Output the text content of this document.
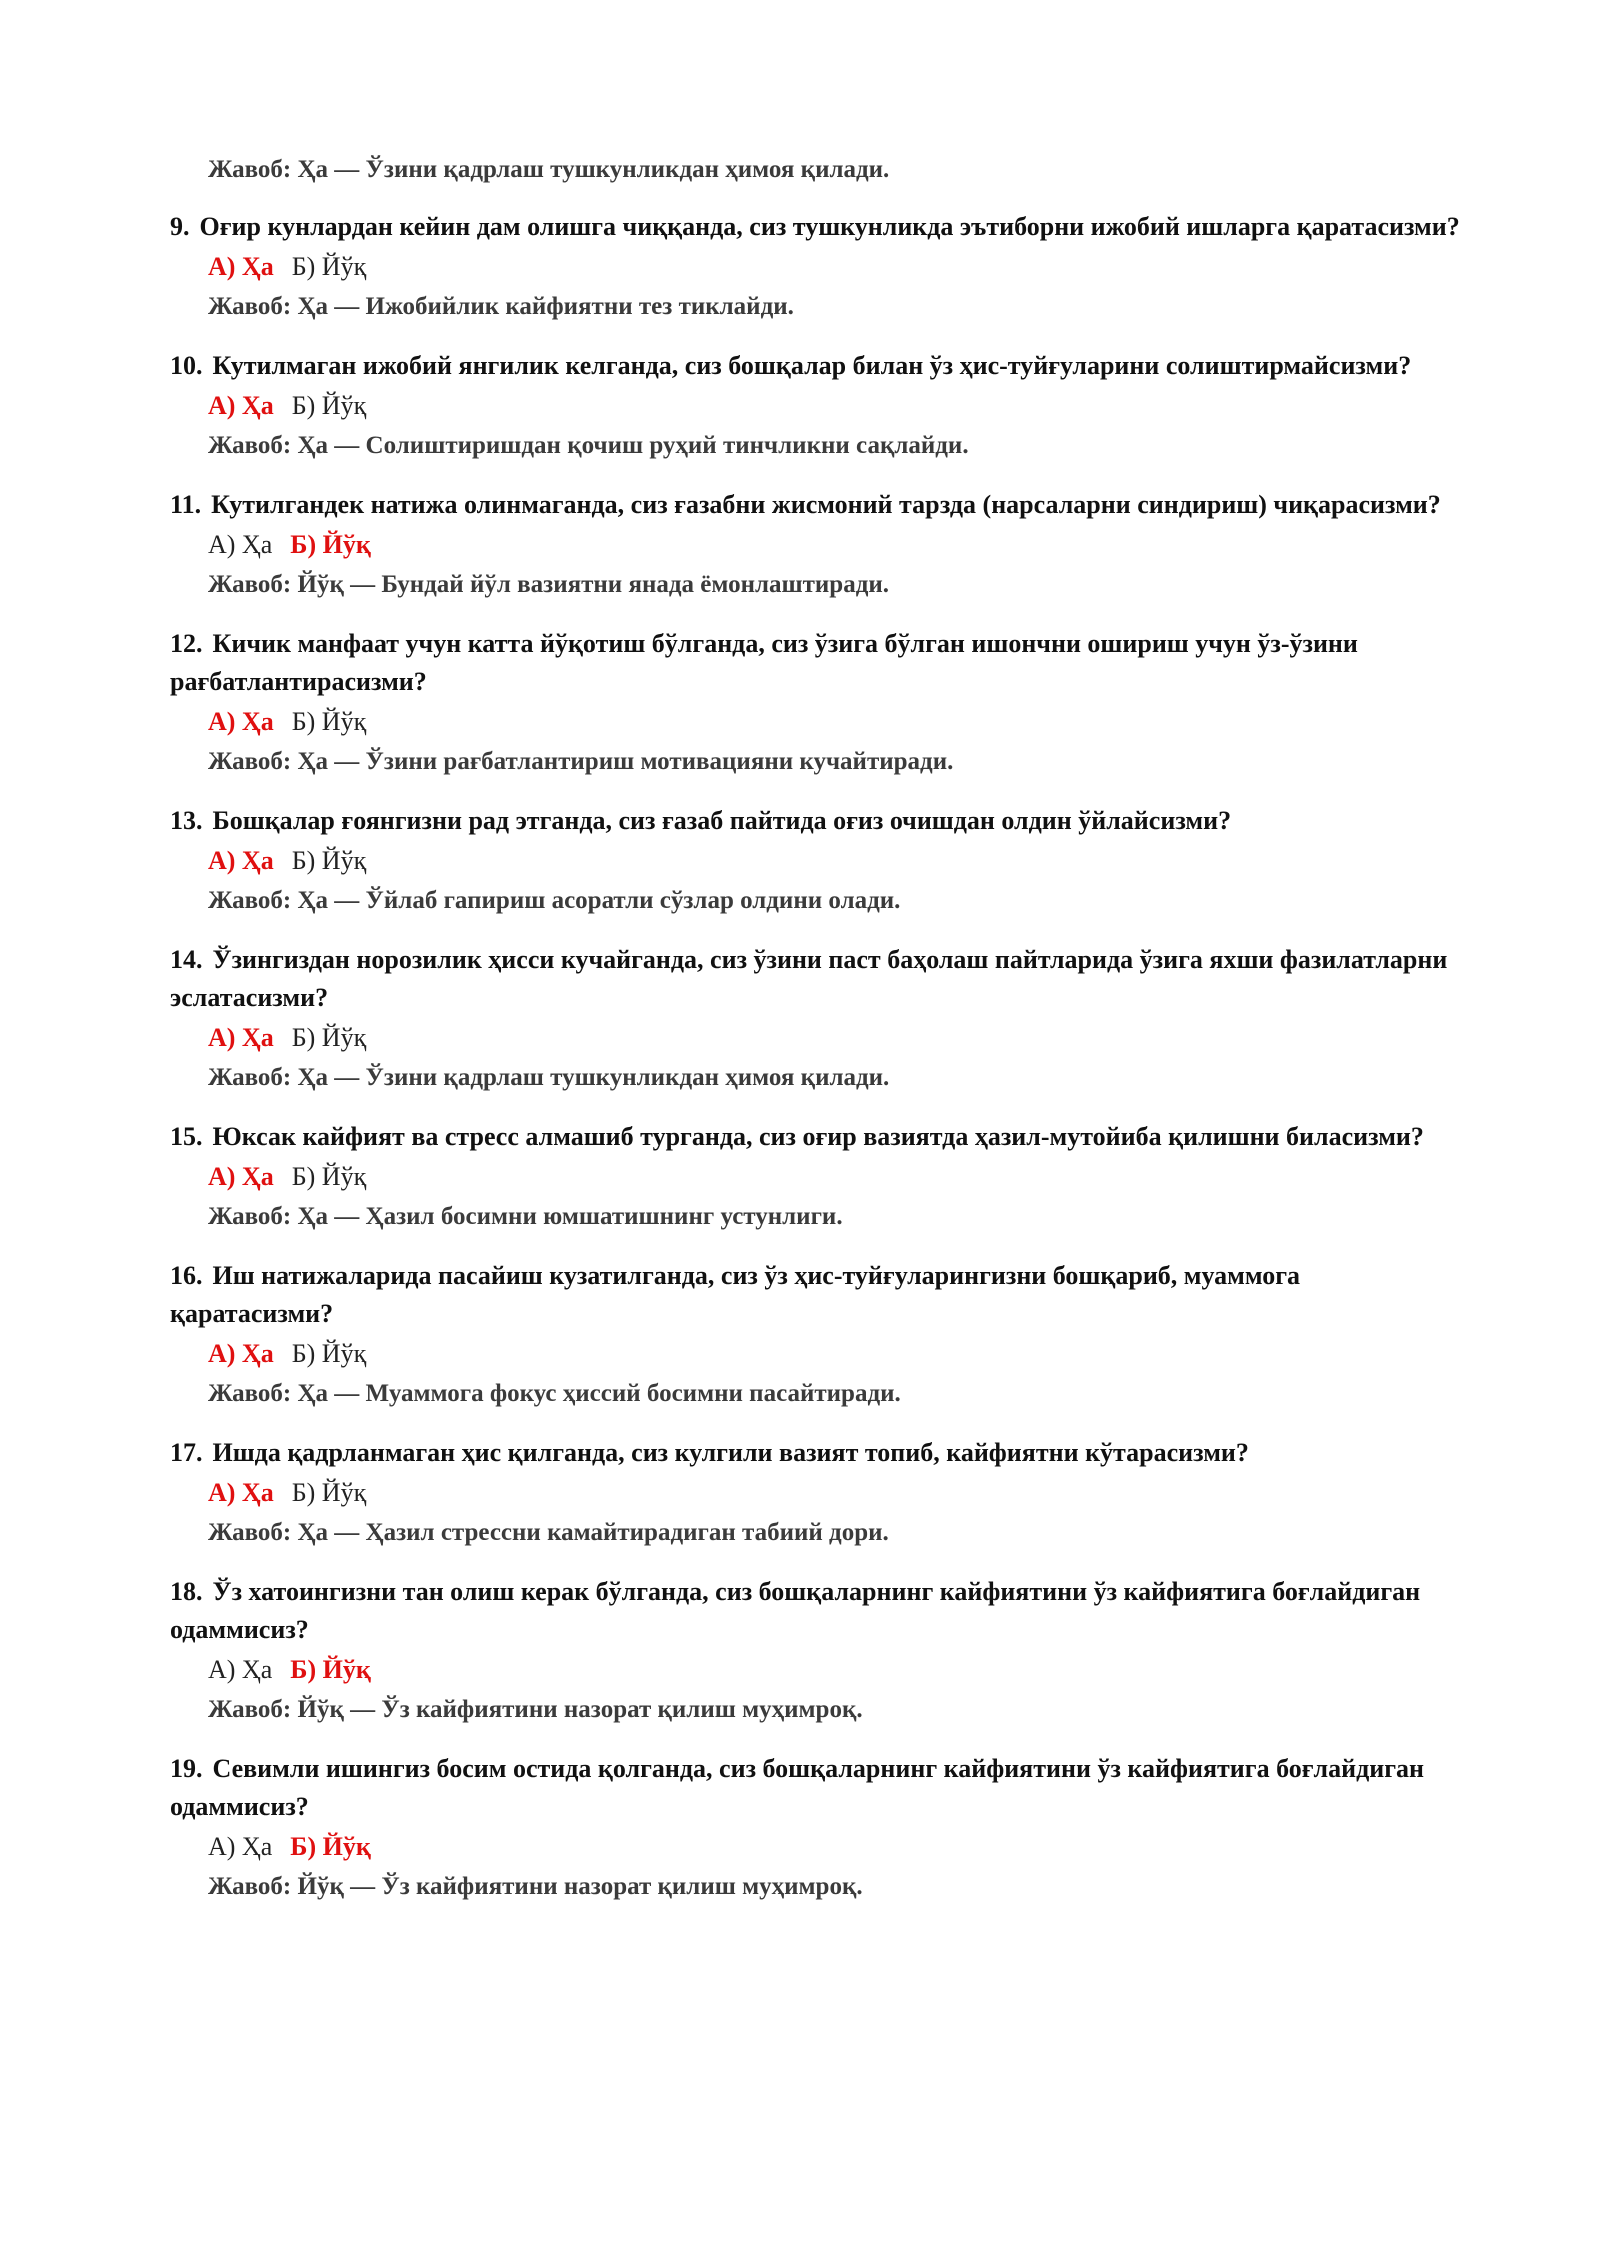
Жавоб: Ҳа — Ўзини қадрлаш тушкунликдан ҳимоя қилади.
9. Оғир кунлардан кейин дам олишга чиққанда, сиз тушкунликда эътиборни ижобий ишларга қаратасизми?
А) Ҳа Б) Йўқ
Жавоб: Ҳа — Ижобийлик кайфиятни тез тиклайди.
10. Кутилмаган ижобий янгилик келганда, сиз бошқалар билан ўз ҳис-туйғуларини солиштирмайсизми?
А) Ҳа Б) Йўқ
Жавоб: Ҳа — Солиштиришдан қочиш руҳий тинчликни сақлайди.
11. Кутилгандек натижа олинмаганда, сиз ғазабни жисмоний тарзда (нарсаларни синдириш) чиқарасизми?
А) Ҳа Б) Йўқ
Жавоб: Йўқ — Бундай йўл вазиятни янада ёмонлаштиради.
12. Кичик манфаат учун катта йўқотиш бўлганда, сиз ўзига бўлган ишончни ошириш учун ўз-ўзини рағбатлантирасизми?
А) Ҳа Б) Йўқ
Жавоб: Ҳа — Ўзини рағбатлантириш мотивацияни кучайтиради.
13. Бошқалар ғоянгизни рад этганда, сиз ғазаб пайтида оғиз очишдан олдин ўйлайсизми?
А) Ҳа Б) Йўқ
Жавоб: Ҳа — Ўйлаб гапириш асоратли сўзлар олдини олади.
14. Ўзингиздан норозилик ҳисси кучайганда, сиз ўзини паст баҳолаш пайтларида ўзига яхши фазилатларни эслатасизми?
А) Ҳа Б) Йўқ
Жавоб: Ҳа — Ўзини қадрлаш тушкунликдан ҳимоя қилади.
15. Юксак кайфият ва стресс алмашиб турганда, сиз оғир вазиятда ҳазил-мутойиба қилишни биласизми?
А) Ҳа Б) Йўқ
Жавоб: Ҳа — Ҳазил босимни юмшатишнинг устунлиги.
16. Иш натижаларида пасайиш кузатилганда, сиз ўз ҳис-туйғуларингизни бошқариб, муаммога қаратасизми?
А) Ҳа Б) Йўқ
Жавоб: Ҳа — Муаммога фокус ҳиссий босимни пасайтиради.
17. Ишда қадрланмаган ҳис қилганда, сиз кулгили вазият топиб, кайфиятни кўтарасизми?
А) Ҳа Б) Йўқ
Жавоб: Ҳа — Ҳазил стрессни камайтирадиган табиий дори.
18. Ўз хатоингизни тан олиш керак бўлганда, сиз бошқаларнинг кайфиятини ўз кайфиятига боғлайдиган одаммисиз?
А) Ҳа Б) Йўқ
Жавоб: Йўқ — Ўз кайфиятини назорат қилиш муҳимроқ.
19. Севимли ишингиз босим остида қолганда, сиз бошқаларнинг кайфиятини ўз кайфиятига боғлайдиган одаммисиз?
А) Ҳа Б) Йўқ
Жавоб: Йўқ — Ўз кайфиятини назорат қилиш муҳимроқ.
